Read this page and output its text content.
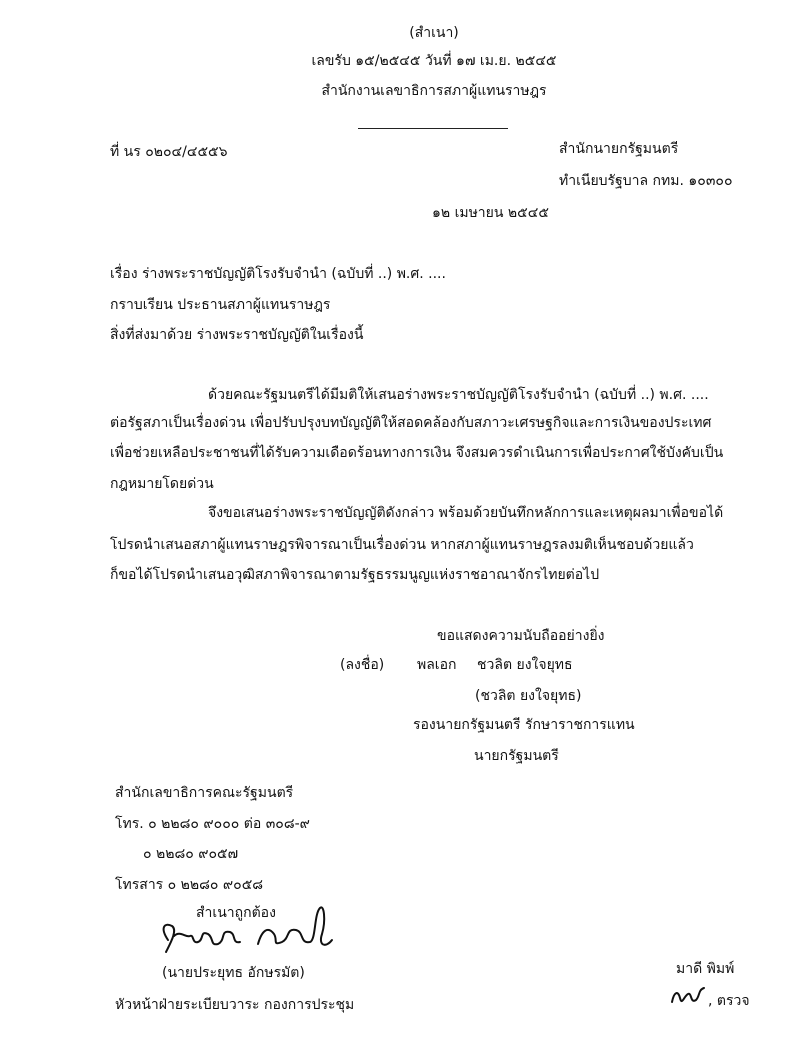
(สำเนา)
เลขรับ ๑๕/๒๕๔๕ วันที่ ๑๗ เม.ย. ๒๕๔๕
สำนักงานเลขาธิการสภาผู้แทนราษฎร
ที่ นร ๐๒๐๔/๔๕๕๖	สำนักนายกรัฐมนตรี
ทำเนียบรัฐบาล กทม. ๑๐๓๐๐
๑๒ เมษายน ๒๕๔๕
เรื่อง ร่างพระราชบัญญัติโรงรับจำนำ (ฉบับที่ ..) พ.ศ. ....
กราบเรียน ประธานสภาผู้แทนราษฎร
สิ่งที่ส่งมาด้วย ร่างพระราชบัญญัติในเรื่องนี้
ด้วยคณะรัฐมนตรีได้มีมติให้เสนอร่างพระราชบัญญัติโรงรับจำนำ (ฉบับที่ ..) พ.ศ. ....
ต่อรัฐสภาเป็นเรื่องด่วน เพื่อปรับปรุงบทบัญญัติให้สอดคล้องกับสภาวะเศรษฐกิจและการเงินของประเทศ
เพื่อช่วยเหลือประชาชนที่ได้รับความเดือดร้อนทางการเงิน จึงสมควรดำเนินการเพื่อประกาศใช้บังคับเป็น
กฎหมายโดยด่วน
จึงขอเสนอร่างพระราชบัญญัติดังกล่าว พร้อมด้วยบันทึกหลักการและเหตุผลมาเพื่อขอได้
โปรดนำเสนอสภาผู้แทนราษฎรพิจารณาเป็นเรื่องด่วน หากสภาผู้แทนราษฎรลงมติเห็นชอบด้วยแล้ว
ก็ขอได้โปรดนำเสนอวุฒิสภาพิจารณาตามรัฐธรรมนูญแห่งราชอาณาจักรไทยต่อไป
ขอแสดงความนับถืออย่างยิ่ง
(ลงชื่อ) พลเอก ชวลิต ยงใจยุทธ
(ชวลิต ยงใจยุทธ)
รองนายกรัฐมนตรี รักษาราชการแทน
นายกรัฐมนตรี
สำนักเลขาธิการคณะรัฐมนตรี
โทร. ๐ ๒๒๘๐ ๙๐๐๐ ต่อ ๓๐๘-๙
๐ ๒๒๘๐ ๙๐๕๗
โทรสาร ๐ ๒๒๘๐ ๙๐๕๘
สำเนาถูกต้อง
(นายประยุทธ อักษรมัต)
หัวหน้าฝ่ายระเบียบวาระ กองการประชุม
มาดี พิมพ์
, ตรวจ
